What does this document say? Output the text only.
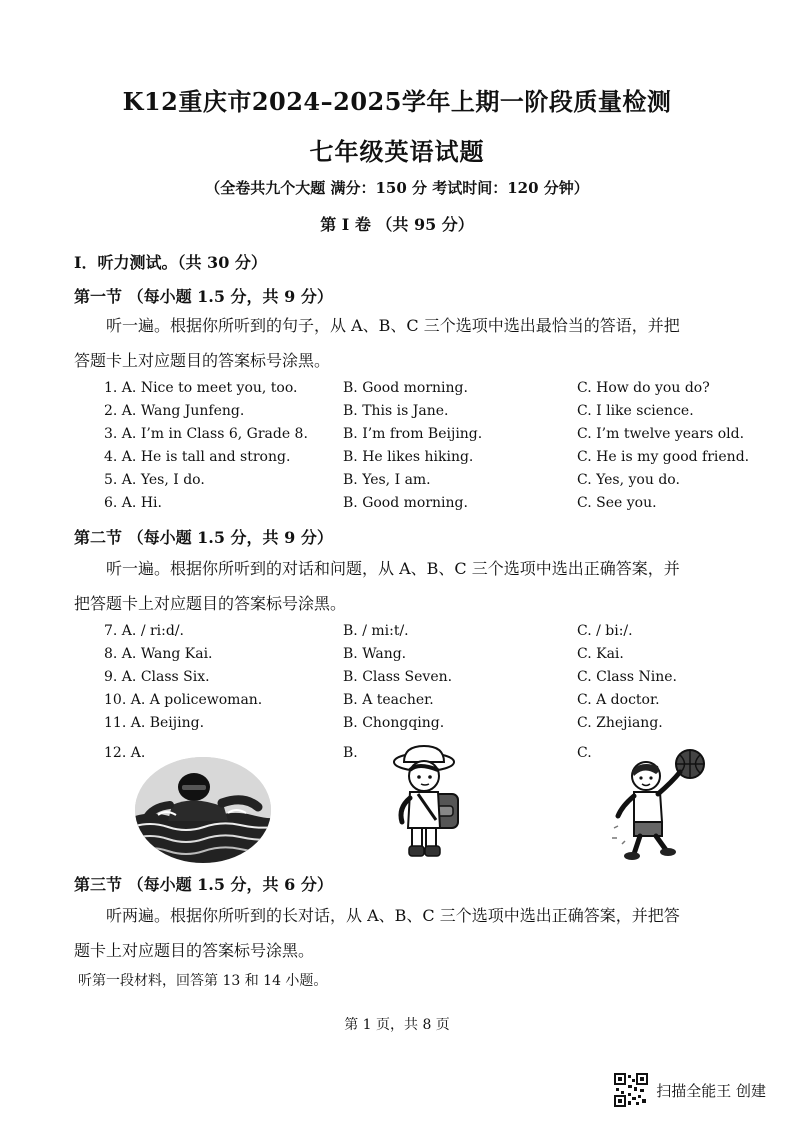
K12重庆市2024–2025学年上期一阶段质量检测
七年级英语试题
（全卷共九个大题 满分：150 分 考试时间：120 分钟）
第 I 卷 （共 95 分）
I．听力测试。（共 30 分）
第一节 （每小题 1.5 分，共 9 分）
听一遍。根据你所听到的句子，从 A、B、C 三个选项中选出最恰当的答语，并把
答题卡上对应题目的答案标号涂黑。
1. A. Nice to meet you, too.	B. Good morning.	C. How do you do?
2. A. Wang Junfeng.	B. This is Jane.	C. I like science.
3. A. I’m in Class 6, Grade 8.	B. I’m from Beijing.	C. I’m twelve years old.
4. A. He is tall and strong.	B. He likes hiking.	C. He is my good friend.
5. A. Yes, I do.	B. Yes, I am.	C. Yes, you do.
6. A. Hi.	B. Good morning.	C. See you.
第二节 （每小题 1.5 分，共 9 分）
听一遍。根据你所听到的对话和问题，从 A、B、C 三个选项中选出正确答案，并
把答题卡上对应题目的答案标号涂黑。
7. A. / ri:d/.	B. / mi:t/.	C. / bi:/.
8. A. Wang Kai.	B. Wang.	C. Kai.
9. A. Class Six.	B. Class Seven.	C. Class Nine.
10. A. A policewoman.	B. A teacher.	C. A doctor.
11. A. Beijing.	B. Chongqing.	C. Zhejiang.
12. A.	B.	C.
第三节 （每小题 1.5 分，共 6 分）
听两遍。根据你所听到的长对话，从 A、B、C 三个选项中选出正确答案，并把答
题卡上对应题目的答案标号涂黑。
听第一段材料，回答第 13 和 14 小题。
第 1 页，共 8 页
扫描全能王 创建
